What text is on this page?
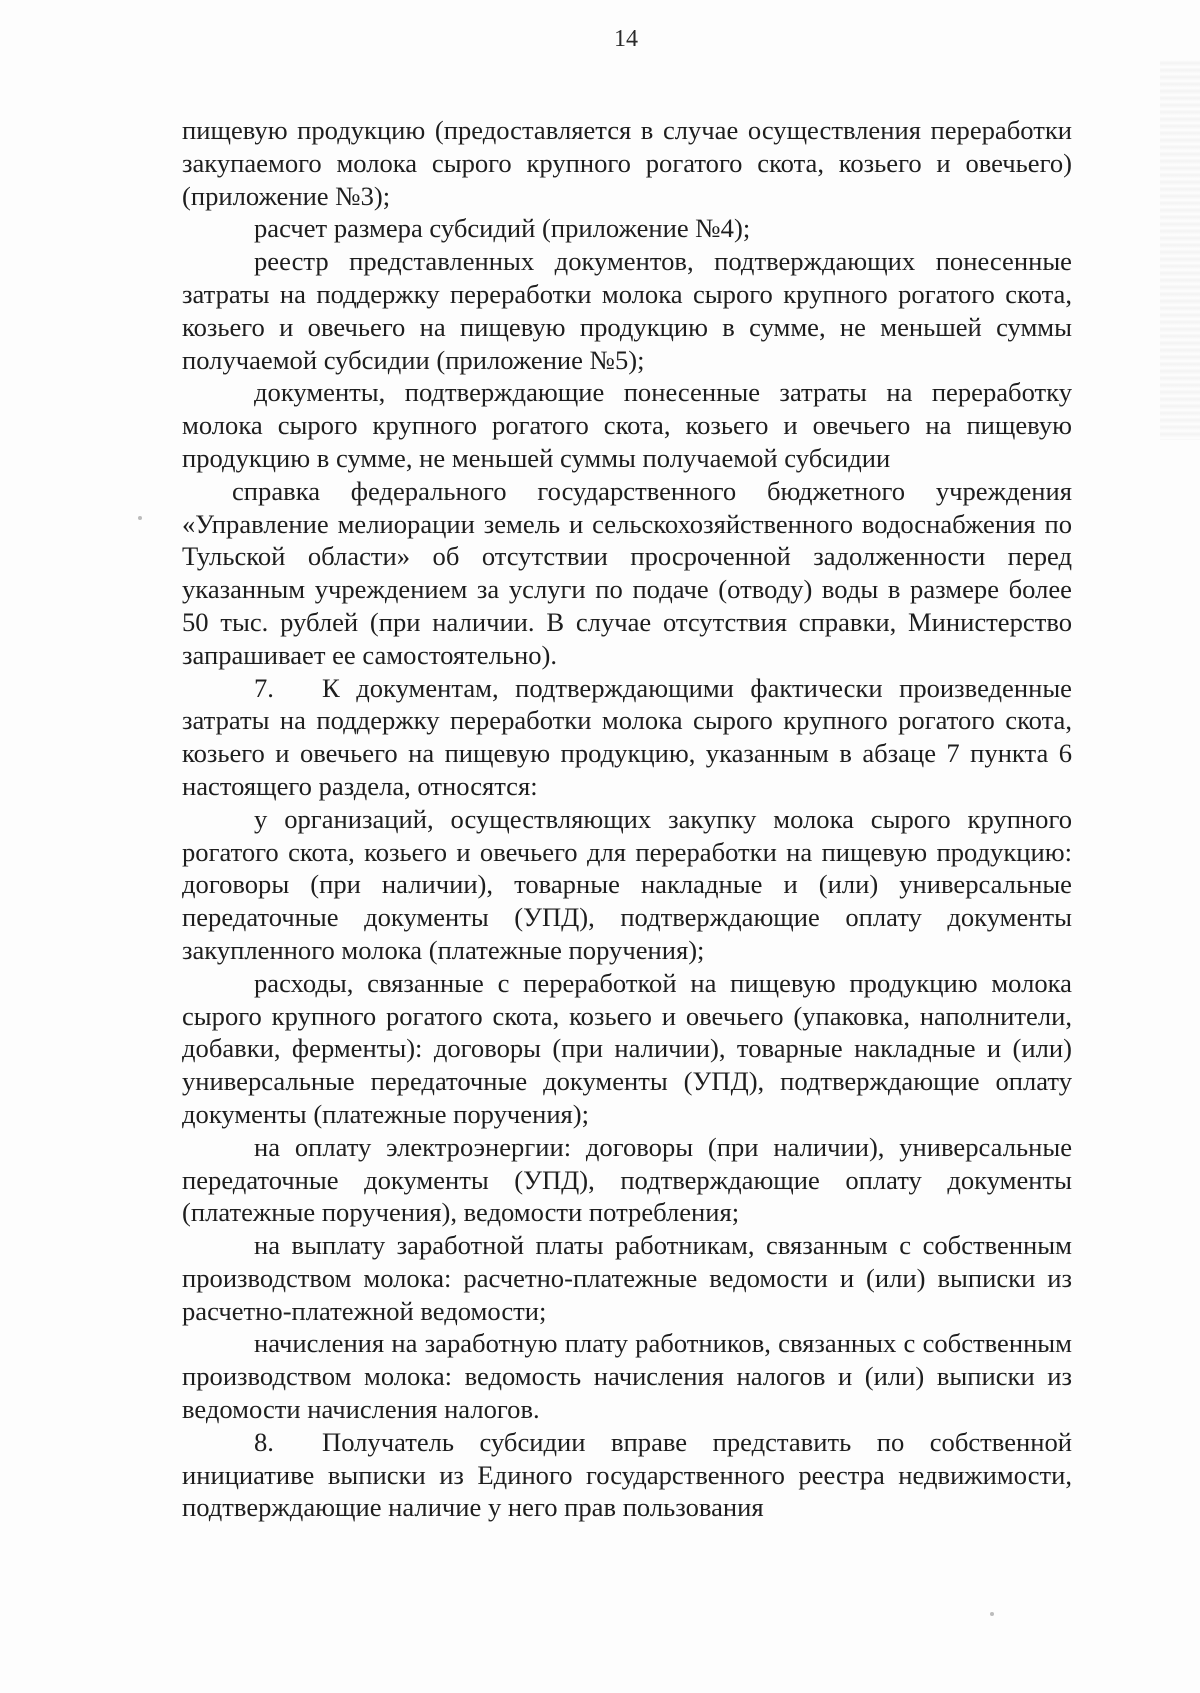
14

пищевую продукцию (предоставляется в случае осуществления переработки закупаемого молока сырого крупного рогатого скота, козьего и овечьего) (приложение №3);

расчет размера субсидий (приложение №4);

реестр представленных документов, подтверждающих понесенные затраты на поддержку переработки молока сырого крупного рогатого скота, козьего и овечьего на пищевую продукцию в сумме, не меньшей суммы получаемой субсидии (приложение №5);

документы, подтверждающие понесенные затраты на переработку молока сырого крупного рогатого скота, козьего и овечьего на пищевую продукцию в сумме, не меньшей суммы получаемой субсидии

справка федерального государственного бюджетного учреждения «Управление мелиорации земель и сельскохозяйственного водоснабжения по Тульской области» об отсутствии просроченной задолженности перед указанным учреждением за услуги по подаче (отводу) воды в размере более 50 тыс. рублей (при наличии. В случае отсутствия справки, Министерство запрашивает ее самостоятельно).

7. К документам, подтверждающими фактически произведенные затраты на поддержку переработки молока сырого крупного рогатого скота, козьего и овечьего на пищевую продукцию, указанным в абзаце 7 пункта 6 настоящего раздела, относятся:

у организаций, осуществляющих закупку молока сырого крупного рогатого скота, козьего и овечьего для переработки на пищевую продукцию: договоры (при наличии), товарные накладные и (или) универсальные передаточные документы (УПД), подтверждающие оплату документы закупленного молока (платежные поручения);

расходы, связанные с переработкой на пищевую продукцию молока сырого крупного рогатого скота, козьего и овечьего (упаковка, наполнители, добавки, ферменты): договоры (при наличии), товарные накладные и (или) универсальные передаточные документы (УПД), подтверждающие оплату документы (платежные поручения);

на оплату электроэнергии: договоры (при наличии), универсальные передаточные документы (УПД), подтверждающие оплату документы (платежные поручения), ведомости потребления;

на выплату заработной платы работникам, связанным с собственным производством молока: расчетно-платежные ведомости и (или) выписки из расчетно-платежной ведомости;

начисления на заработную плату работников, связанных с собственным производством молока: ведомость начисления налогов и (или) выписки из ведомости начисления налогов.

8. Получатель субсидии вправе представить по собственной инициативе выписки из Единого государственного реестра недвижимости, подтверждающие наличие у него прав пользования
